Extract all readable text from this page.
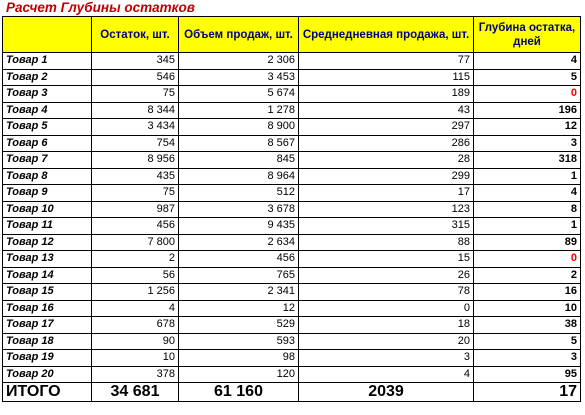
Расчет Глубины остатков
	Остаток, шт.	Объем продаж, шт.	Среднедневная продажа, шт.	Глубина остатка, дней
Товар 1	345	2 306	77	4
Товар 2	546	3 453	115	5
Товар 3	75	5 674	189	0
Товар 4	8 344	1 278	43	196
Товар 5	3 434	8 900	297	12
Товар 6	754	8 567	286	3
Товар 7	8 956	845	28	318
Товар 8	435	8 964	299	1
Товар 9	75	512	17	4
Товар 10	987	3 678	123	8
Товар 11	456	9 435	315	1
Товар 12	7 800	2 634	88	89
Товар 13	2	456	15	0
Товар 14	56	765	26	2
Товар 15	1 256	2 341	78	16
Товар 16	4	12	0	10
Товар 17	678	529	18	38
Товар 18	90	593	20	5
Товар 19	10	98	3	3
Товар 20	378	120	4	95
ИТОГО	34 681	61 160	2039	17
